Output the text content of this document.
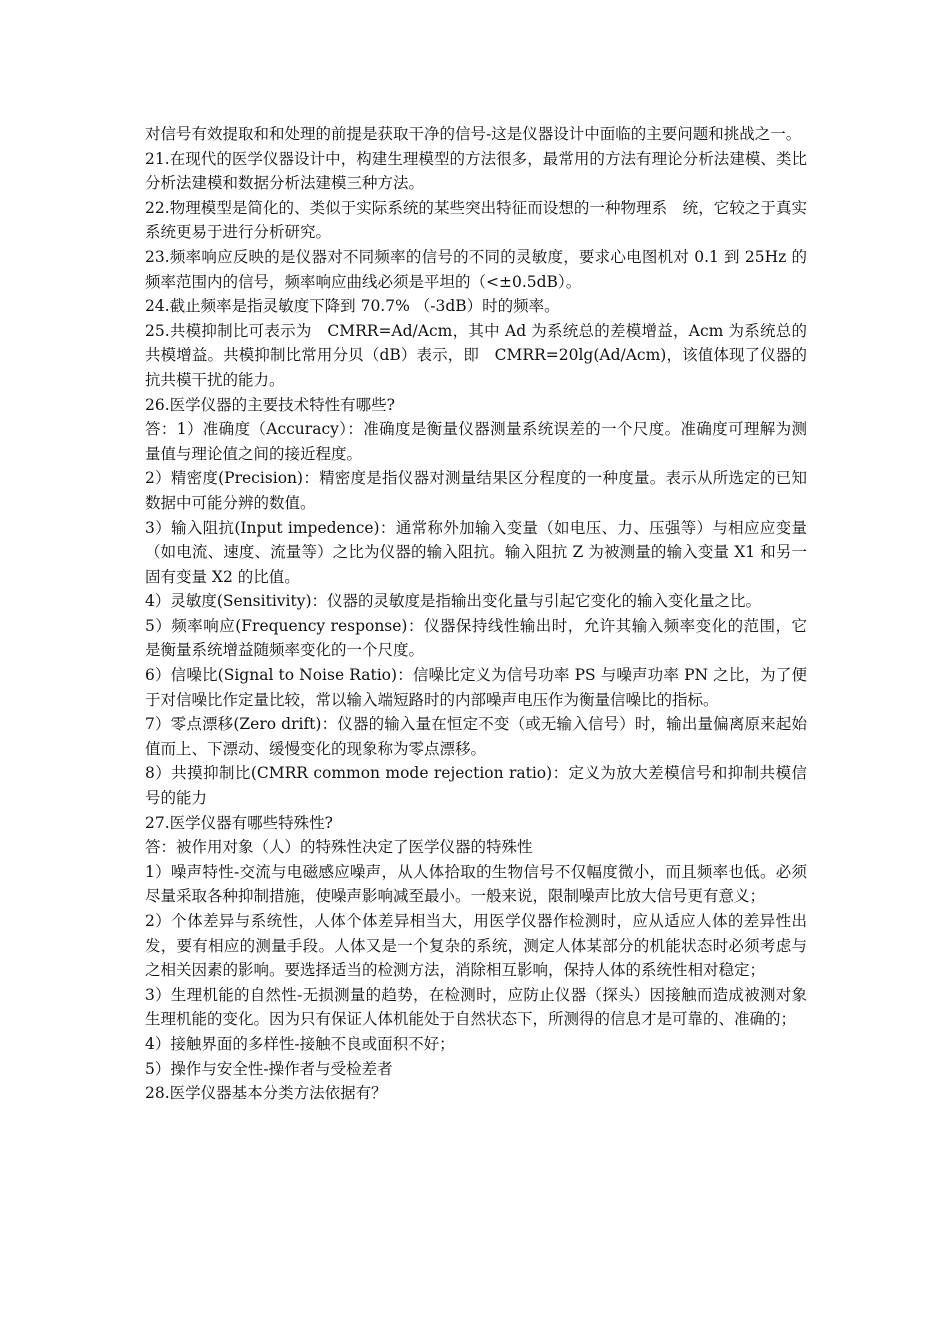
对信号有效提取和和处理的前提是获取干净的信号-这是仪器设计中面临的主要问题和挑战之一。

21.在现代的医学仪器设计中，构建生理模型的方法很多，最常用的方法有理论分析法建模、类比分析法建模和数据分析法建模三种方法。

22.物理模型是简化的、类似于实际系统的某些突出特征而设想的一种物理系　统，它较之于真实系统更易于进行分析研究。

23.频率响应反映的是仪器对不同频率的信号的不同的灵敏度，要求心电图机对 0.1 到 25Hz 的频率范围内的信号，频率响应曲线必须是平坦的（<±0.5dB）。

24.截止频率是指灵敏度下降到 70.7% （-3dB）时的频率。

25.共模抑制比可表示为　CMRR=Ad/Acm，其中 Ad 为系统总的差模增益，Acm 为系统总的共模增益。共模抑制比常用分贝（dB）表示，即　CMRR=20lg(Ad/Acm)，该值体现了仪器的抗共模干扰的能力。

26.医学仪器的主要技术特性有哪些?

答：1）准确度（Accuracy）：准确度是衡量仪器测量系统误差的一个尺度。准确度可理解为测量值与理论值之间的接近程度。

2）精密度(Precision)：精密度是指仪器对测量结果区分程度的一种度量。表示从所选定的已知数据中可能分辨的数值。

3）输入阻抗(Input impedence)：通常称外加输入变量（如电压、力、压强等）与相应应变量（如电流、速度、流量等）之比为仪器的输入阻抗。输入阻抗 Z 为被测量的输入变量 X1 和另一固有变量 X2 的比值。

4）灵敏度(Sensitivity)：仪器的灵敏度是指输出变化量与引起它变化的输入变化量之比。

5）频率响应(Frequency response)：仪器保持线性输出时，允许其输入频率变化的范围，它是衡量系统增益随频率变化的一个尺度。

6）信噪比(Signal to Noise Ratio)：信噪比定义为信号功率 PS 与噪声功率 PN 之比，为了便于对信噪比作定量比较，常以输入端短路时的内部噪声电压作为衡量信噪比的指标。

7）零点漂移(Zero drift)：仪器的输入量在恒定不变（或无输入信号）时，输出量偏离原来起始值而上、下漂动、缓慢变化的现象称为零点漂移。

8）共摸抑制比(CMRR common mode rejection ratio)：定义为放大差模信号和抑制共模信号的能力

27.医学仪器有哪些特殊性?

答：被作用对象（人）的特殊性决定了医学仪器的特殊性

1）噪声特性-交流与电磁感应噪声，从人体拾取的生物信号不仅幅度微小，而且频率也低。必须尽量采取各种抑制措施，使噪声影响减至最小。一般来说，限制噪声比放大信号更有意义；

2）个体差异与系统性，人体个体差异相当大，用医学仪器作检测时，应从适应人体的差异性出发，要有相应的测量手段。人体又是一个复杂的系统，测定人体某部分的机能状态时必须考虑与之相关因素的影响。要选择适当的检测方法，消除相互影响，保持人体的系统性相对稳定；

3）生理机能的自然性-无损测量的趋势，在检测时，应防止仪器（探头）因接触而造成被测对象生理机能的变化。因为只有保证人体机能处于自然状态下，所测得的信息才是可靠的、准确的；

4）接触界面的多样性-接触不良或面积不好；

5）操作与安全性-操作者与受检差者

28.医学仪器基本分类方法依据有？
